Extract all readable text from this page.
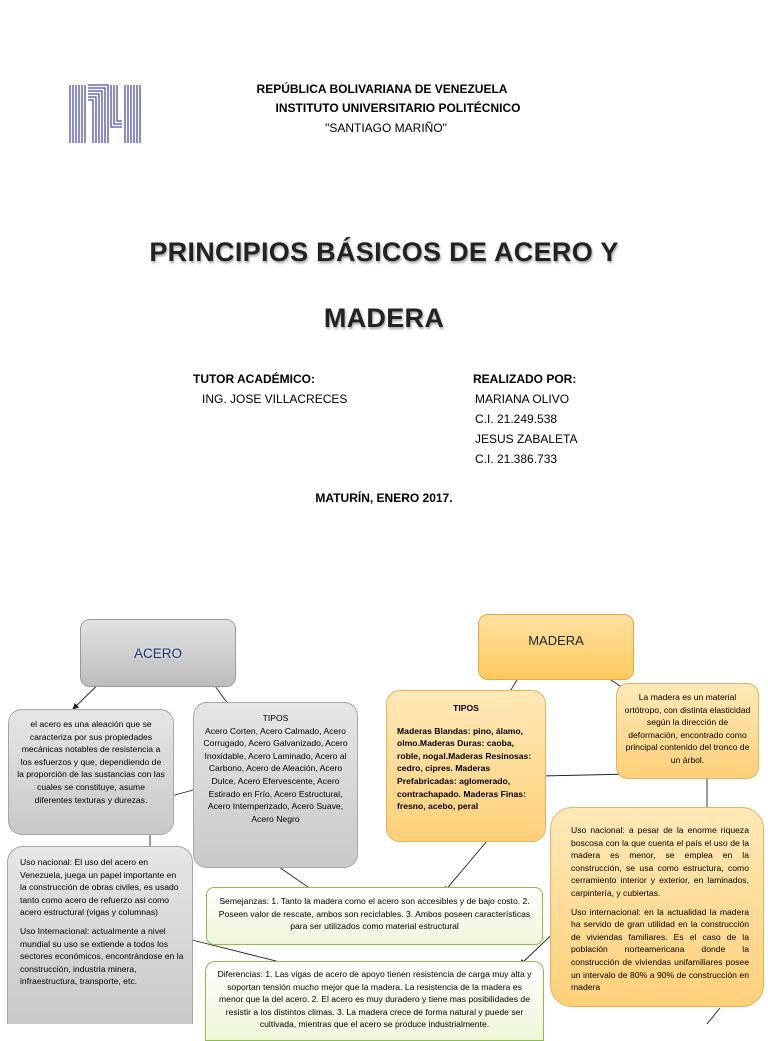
REPÚBLICA BOLIVARIANA DE VENEZUELA
INSTITUTO UNIVERSITARIO POLITÉCNICO
"SANTIAGO MARIÑO"
PRINCIPIOS BÁSICOS DE ACERO Y
MADERA
TUTOR ACADÉMICO:
ING. JOSE VILLACRECES
REALIZADO POR:
MARIANA OLIVO
C.I. 21.249.538
JESUS ZABALETA
C.I. 21.386.733
MATURÍN, ENERO 2017.
ACERO
MADERA
el acero es una aleación que se caracteriza por sus propiedades mecánicas notables de resistencia a los esfuerzos y que, dependiendo de la proporción de las sustancias con las cuales se constituye, asume diferentes texturas y durezas.
TIPOS
Acero Corten, Acero Calmado, Acero Corrugado, Acero Galvanizado, Acero Inoxidable, Acero Laminado, Acero al Carbono, Acero de Aleación, Acero Dulce, Acero Efervescente, Acero Estirado en Frío, Acero Estructural, Acero Intemperizado, Acero Suave, Acero Negro

Uso nacional: El uso del acero en Venezuela, juega un papel importante en la construcción de obras civiles, es usado tanto como acero de refuerzo asi como acero estructural (vigas y columnas)

Uso Internacional: actualmente a nivel mundial su uso se extiende a todos los sectores económicos, encontrándose en la construcción, industria minera, infraestructura, transporte, etc.

TIPOS
Maderas Blandas: pino, álamo, olmo.Maderas Duras: caoba, roble, nogal.Maderas Resinosas: cedro, cipres. Maderas Prefabricadas: aglomerado, contrachapado. Maderas Finas: fresno, acebo, peral
La madera es un material ortótropo, con distinta elasticidad según la dirección de deformación, encontrado como principal contenido del tronco de un árbol.

Uso nacional: a pesar de la enorme riqueza boscosa con la que cuenta el país el uso de la madera es menor, se emplea en la construcción, se usa como estructura, como cerramiento interior y exterior, en laminados, carpintería, y cubiertas.

Uso internacional: en la actualidad la madera ha servido de gran utilidad en la construcción de viviendas familiares. Es el caso de la población norteamericana donde la construcción de viviendas unifamiliares posee un intervalo de 80% a 90% de construcción en madera

Semejanzas: 1. Tanto la madera como el acero son accesibles y de bajo costo. 2. Poseen valor de rescate, ambos son reciclables. 3. Ambos poseen características para ser utilizados como material estructural
Diferencias: 1. Las vigas de acero de apoyo tienen resistencia de carga muy alta y soportan tensión mucho mejor que la madera. La resistencia de la madera es menor que la del acero. 2. El acero es muy duradero y tiene mas posibilidades de resistir a los distintos climas. 3. La madera crece de forma natural y puede ser cultivada, mientras que el acero se produce industrialmente.
